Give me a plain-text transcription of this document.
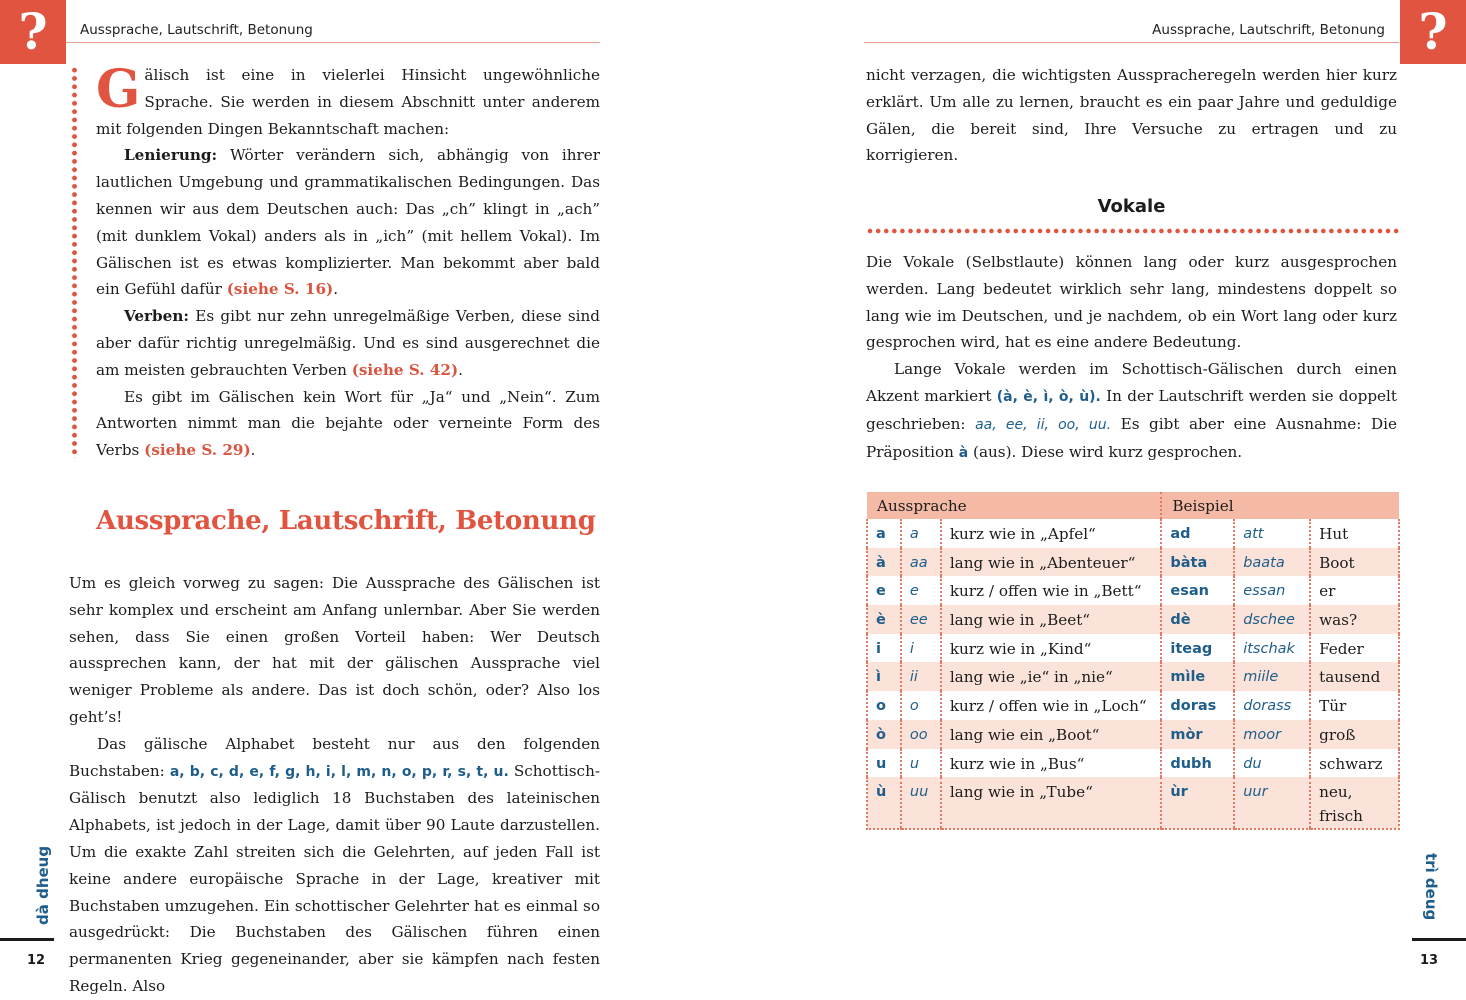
?	Aussprache, Lautschrift, Betonung

Gälisch ist eine in vielerlei Hinsicht ungewöhnliche Sprache. Sie werden in diesem Abschnitt unter anderem mit folgenden Dingen Bekanntschaft machen:

Lenierung: Wörter verändern sich, abhängig von ihrer lautlichen Umgebung und grammatikalischen Bedingungen. Das kennen wir aus dem Deutschen auch: Das „ch” klingt in „ach” (mit dunklem Vokal) anders als in „ich” (mit hellem Vokal). Im Gälischen ist es etwas komplizierter. Man bekommt aber bald ein Gefühl dafür (siehe S. 16).

Verben: Es gibt nur zehn unregelmäßige Verben, diese sind aber dafür richtig unregelmäßig. Und es sind ausgerechnet die am meisten gebrauchten Verben (siehe S. 42).

Es gibt im Gälischen kein Wort für „Ja“ und „Nein“. Zum Antworten nimmt man die bejahte oder verneinte Form des Verbs (siehe S. 29).

Aussprache, Lautschrift, Betonung

Um es gleich vorweg zu sagen: Die Aussprache des Gälischen ist sehr komplex und erscheint am Anfang unlernbar. Aber Sie werden sehen, dass Sie einen großen Vorteil haben: Wer Deutsch aussprechen kann, der hat mit der gälischen Aussprache viel weniger Probleme als andere. Das ist doch schön, oder? Also los geht’s!

Das gälische Alphabet besteht nur aus den folgenden Buchstaben: a, b, c, d, e, f, g, h, i, l, m, n, o, p, r, s, t, u. Schottisch-Gälisch benutzt also lediglich 18 Buchstaben des lateinischen Alphabets, ist jedoch in der Lage, damit über 90 Laute darzustellen. Um die exakte Zahl streiten sich die Gelehrten, auf jeden Fall ist keine andere europäische Sprache in der Lage, kreativer mit Buchstaben umzugehen. Ein schottischer Gelehrter hat es einmal so ausgedrückt: Die Buchstaben des Gälischen führen einen permanenten Krieg gegeneinander, aber sie kämpfen nach festen Regeln. Also

dà dheug
12
?
Aussprache, Lautschrift, Betonung
nicht verzagen, die wichtigsten Ausspracheregeln werden hier kurz erklärt. Um alle zu lernen, braucht es ein paar Jahre und geduldige Gälen, die bereit sind, Ihre Versuche zu ertragen und zu korrigieren.
Vokale

Die Vokale (Selbstlaute) können lang oder kurz ausgesprochen werden. Lang bedeutet wirklich sehr lang, mindestens doppelt so lang wie im Deutschen, und je nachdem, ob ein Wort lang oder kurz gesprochen wird, hat es eine andere Bedeutung.

Lange Vokale werden im Schottisch-Gälischen durch einen Akzent markiert (à, è, ì, ò, ù). In der Lautschrift werden sie doppelt geschrieben: aa, ee, ii, oo, uu. Es gibt aber eine Ausnahme: Die Präposition à (aus). Diese wird kurz gesprochen.

Aussprache			Beispiel		
a	a	kurz wie in „Apfel“	ad	att	Hut
à	aa	lang wie in „Abenteuer“	bàta	baata	Boot
e	e	kurz / offen wie in „Bett“	esan	essan	er
è	ee	lang wie in „Beet“	dè	dschee	was?
i	i	kurz wie in „Kind“	iteag	itschak	Feder
ì	ii	lang wie „ie“ in „nie“	mìle	miile	tausend
o	o	kurz / offen wie in „Loch“	doras	dorass	Tür
ò	oo	lang wie ein „Boot“	mòr	moor	groß
u	u	kurz wie in „Bus“	dubh	du	schwarz
ù	uu	lang wie in „Tube“	ùr	uur	neu, frisch
trì deug
13
